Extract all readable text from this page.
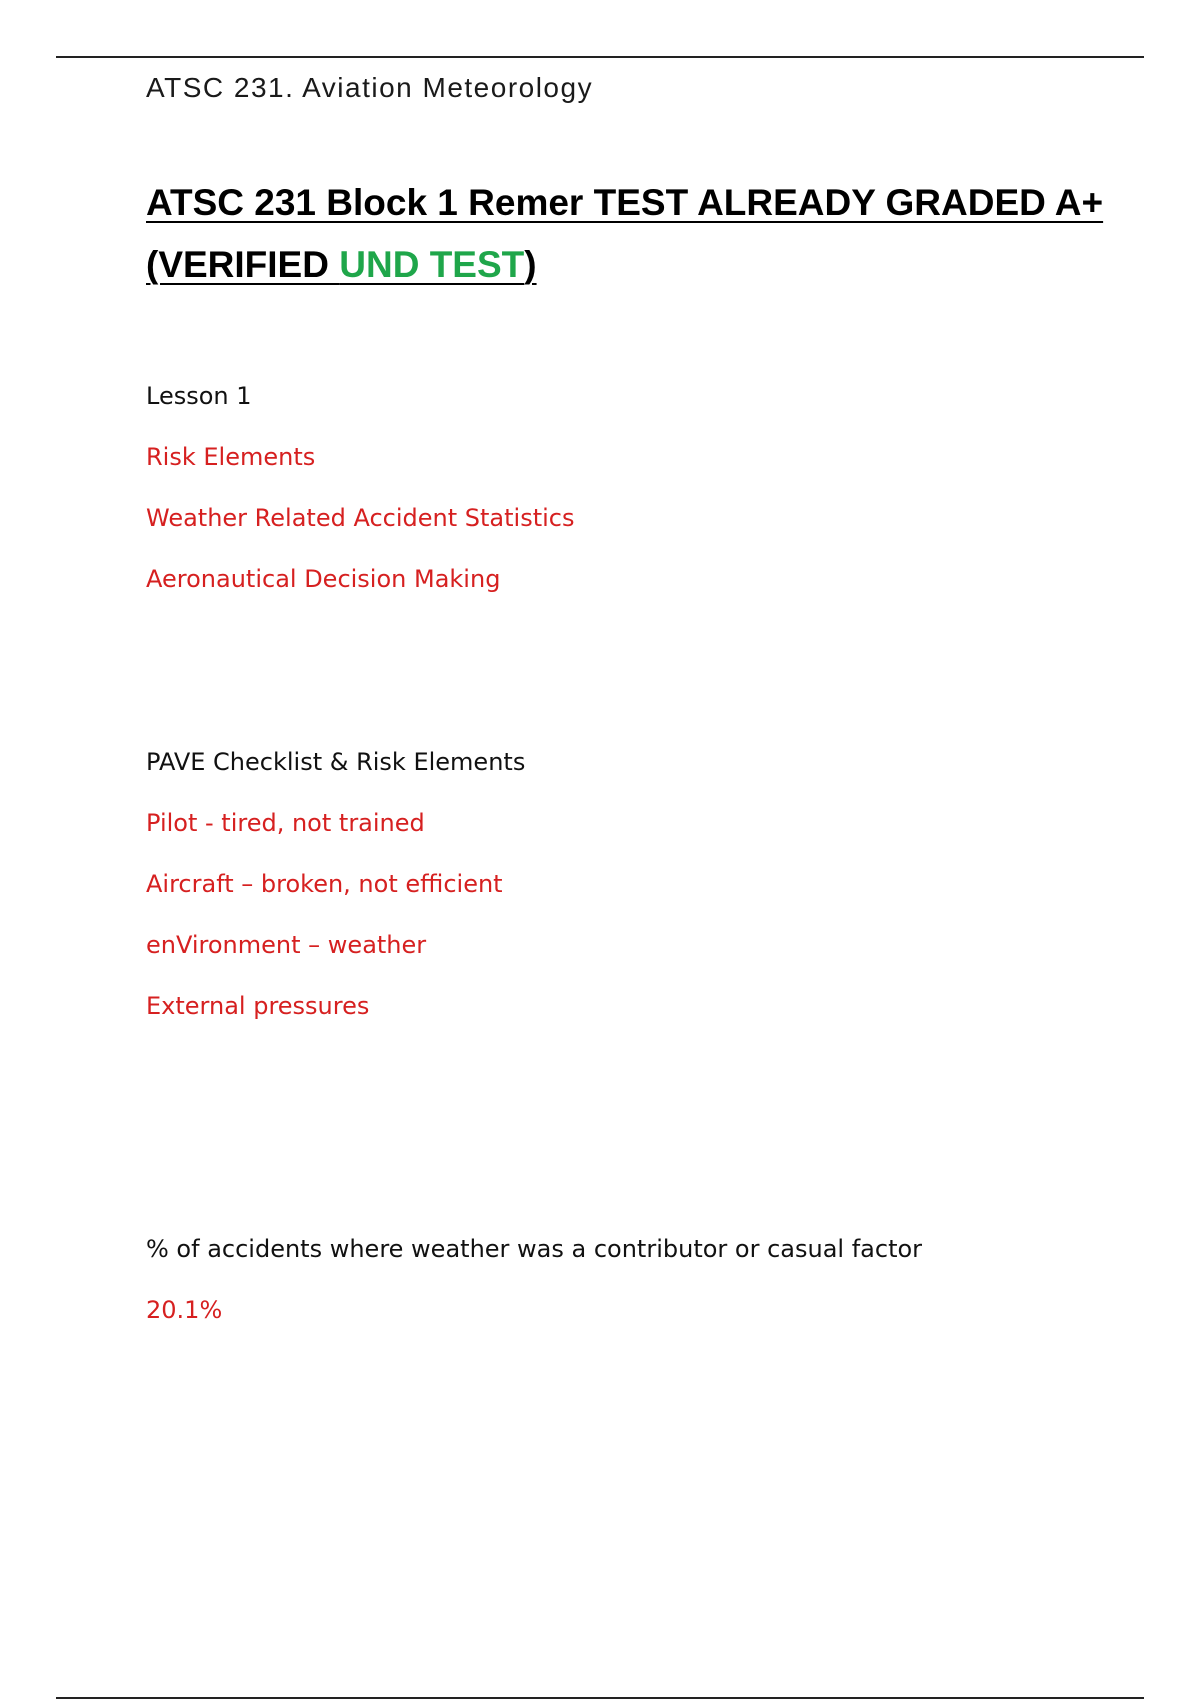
ATSC 231. Aviation Meteorology
ATSC 231 Block 1 Remer TEST ALREADY GRADED A+ (VERIFIED UND TEST)
Lesson 1
Risk Elements
Weather Related Accident Statistics
Aeronautical Decision Making
PAVE Checklist & Risk Elements
Pilot - tired, not trained
Aircraft – broken, not efficient
enVironment – weather
External pressures
% of accidents where weather was a contributor or casual factor
20.1%
